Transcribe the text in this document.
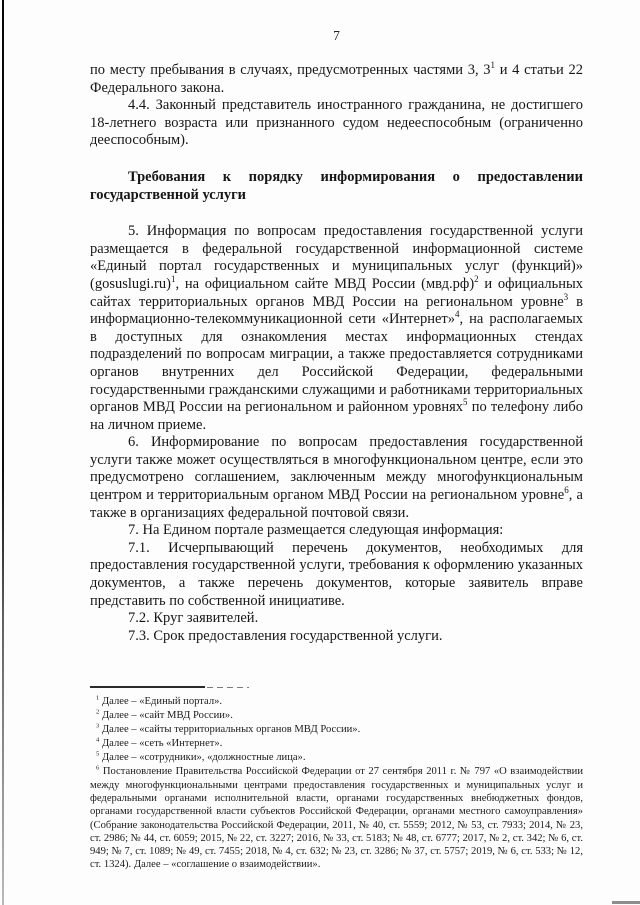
7

по месту пребывания в случаях, предусмотренных частями 3, $3^1$ и 4 статьи 22 Федерального закона.

4.4. Законный представитель иностранного гражданина, не достигшего 18-летнего возраста или признанного судом недееспособным (ограниченно дееспособным).

Требования к порядку информирования о предоставлении государственной услуги

5. Информация по вопросам предоставления государственной услуги размещается в федеральной государственной информационной системе «Единый портал государственных и муниципальных услуг (функций)» (gosuslugi.ru)$^1$, на официальном сайте МВД России $(мвд.рф)^2$ и официальных сайтах территориальных органов МВД России на региональном уровне$^3$ в информационно-телекоммуникационной сети «Интернет»$^4$, на располагаемых в доступных для ознакомления местах информационных стендах подразделений по вопросам миграции, а также предоставляется сотрудниками органов внутренних дел Российской Федерации, федеральными государственными гражданскими служащими и работниками территориальных органов МВД России на региональном и районном уровнях$^5$ по телефону либо на личном приеме.

6. Информирование по вопросам предоставления государственной услуги также может осуществляться в многофункциональном центре, если это предусмотрено соглашением, заключенным между многофункциональным центром и территориальным органом МВД России на региональном уровне$^6$, а также в организациях федеральной почтовой связи.

7. На Едином портале размещается следующая информация:

7.1. Исчерпывающий перечень документов, необходимых для предоставления государственной услуги, требования к оформлению указанных документов, а также перечень документов, которые заявитель вправе представить по собственной инициативе.

7.2. Круг заявителей.

7.3. Срок предоставления государственной услуги.

$^1$ Далее – «Единый портал».
$^2$ Далее – «сайт МВД России».
$^3$ Далее – «сайты территориальных органов МВД России».
$^4$ Далее – «сеть «Интернет».
$^5$ Далее – «сотрудники», «должностные лица».
$^6$ Постановление Правительства Российской Федерации от 27 сентября 2011 г. № 797 «О взаимодействии между многофункциональными центрами предоставления государственных и муниципальных услуг и федеральными органами исполнительной власти, органами государственных внебюджетных фондов, органами государственной власти субъектов Российской Федерации, органами местного самоуправления» (Собрание законодательства Российской Федерации, 2011, № 40, ст. 5559; 2012, № 53, ст. 7933; 2014, № 23, ст. 2986; № 44, ст. 6059; 2015, № 22, ст. 3227; 2016, № 33, ст. 5183; № 48, ст. 6777; 2017, № 2, ст. 342; № 6, ст. 949; № 7, ст. 1089; № 49, ст. 7455; 2018, № 4, ст. 632; № 23, ст. 3286; № 37, ст. 5757; 2019, № 6, ст. 533; № 12, ст. 1324). Далее – «соглашение о взаимодействии».
